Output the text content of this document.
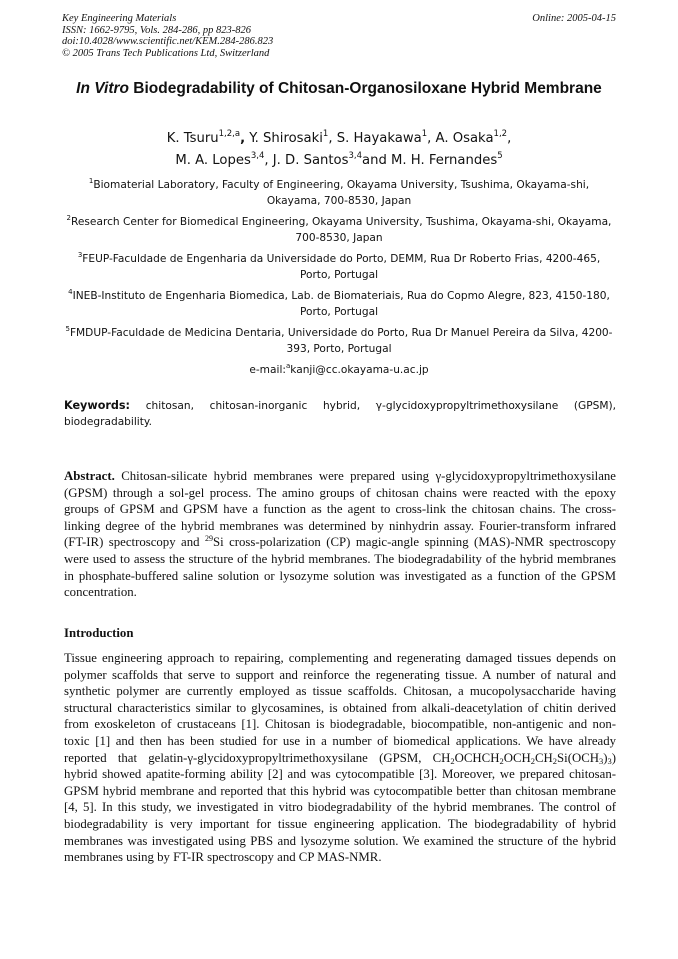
Key Engineering Materials
ISSN: 1662-9795, Vols. 284-286, pp 823-826
doi:10.4028/www.scientific.net/KEM.284-286.823
© 2005 Trans Tech Publications Ltd, Switzerland
Online: 2005-04-15
In Vitro Biodegradability of Chitosan-Organosiloxane Hybrid Membrane
K. Tsuru$^{1,2,a}$, Y. Shirosaki$^1$, S. Hayakawa$^1$, A. Osaka$^{1,2}$,
M. A. Lopes$^{3,4}$, J. D. Santos$^{3,4}$and M. H. Fernandes$^5$
$^1$Biomaterial Laboratory, Faculty of Engineering, Okayama University, Tsushima, Okayama-shi, Okayama, 700-8530, Japan
$^2$Research Center for Biomedical Engineering, Okayama University, Tsushima, Okayama-shi, Okayama, 700-8530, Japan
$^3$FEUP-Faculdade de Engenharia da Universidade do Porto, DEMM, Rua Dr Roberto Frias, 4200-465, Porto, Portugal
$^4$INEB-Instituto de Engenharia Biomedica, Lab. de Biomateriais, Rua do Copmo Alegre, 823, 4150-180, Porto, Portugal
$^5$FMDUP-Faculdade de Medicina Dentaria, Universidade do Porto, Rua Dr Manuel Pereira da Silva, 4200-393, Porto, Portugal
e-mail:$^a$kanji@cc.okayama-u.ac.jp
Keywords: chitosan, chitosan-inorganic hybrid, γ-glycidoxypropyltrimethoxysilane (GPSM), biodegradability.
Abstract. Chitosan-silicate hybrid membranes were prepared using γ-glycidoxypropyltrimethoxysilane (GPSM) through a sol-gel process. The amino groups of chitosan chains were reacted with the epoxy groups of GPSM and GPSM have a function as the agent to cross-link the chitosan chains. The cross-linking degree of the hybrid membranes was determined by ninhydrin assay. Fourier-transform infrared (FT-IR) spectroscopy and $^{29}$Si cross-polarization (CP) magic-angle spinning (MAS)-NMR spectroscopy were used to assess the structure of the hybrid membranes. The biodegradability of the hybrid membranes in phosphate-buffered saline solution or lysozyme solution was investigated as a function of the GPSM concentration.
Introduction
Tissue engineering approach to repairing, complementing and regenerating damaged tissues depends on polymer scaffolds that serve to support and reinforce the regenerating tissue. A number of natural and synthetic polymer are currently employed as tissue scaffolds. Chitosan, a mucopolysaccharide having structural characteristics similar to glycosamines, is obtained from alkali-deacetylation of chitin derived from exoskeleton of crustaceans [1]. Chitosan is biodegradable, biocompatible, non-antigenic and non-toxic [1] and then has been studied for use in a number of biomedical applications. We have already reported that gelatin-γ-glycidoxypropyltrimethoxysilane (GPSM, $CH_2OCHCH_2OCH_2CH_2Si(OCH_3)_3$) hybrid showed apatite-forming ability [2] and was cytocompatible [3]. Moreover, we prepared chitosan-GPSM hybrid membrane and reported that this hybrid was cytocompatible better than chitosan membrane [4, 5]. In this study, we investigated in vitro biodegradability of the hybrid membranes. The control of biodegradability is very important for tissue engineering application. The biodegradability of hybrid membranes was investigated using PBS and lysozyme solution. We examined the structure of the hybrid membranes using by FT-IR spectroscopy and CP MAS-NMR.
